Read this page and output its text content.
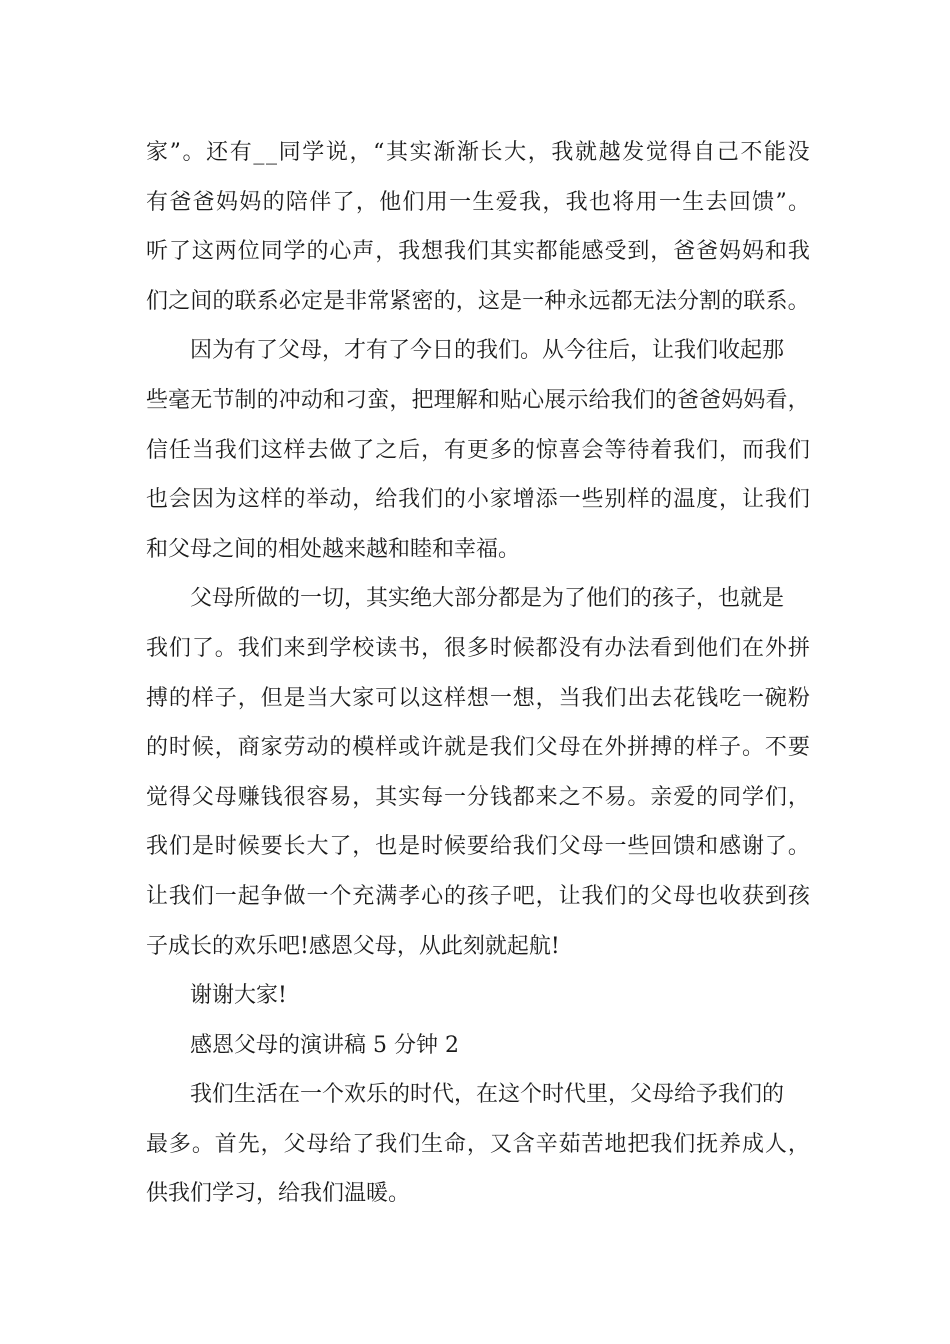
家 ” 。 还 有 _ _ 同 学 说 ， “ 其 实 渐 渐 长 大 ， 我 就 越 发 觉 得 自 己 不 能 没
有 爸 爸 妈 妈 的 陪 伴 了 ， 他 们 用 一 生 爱 我 ， 我 也 将 用 一 生 去 回 馈 ” 。
听 了 这 两 位 同 学 的 心 声 ， 我 想 我 们 其 实 都 能 感 受 到 ， 爸 爸 妈 妈 和 我
们 之 间 的 联 系 必 定 是 非 常 紧 密 的 ， 这 是 一 种 永 远 都 无 法 分 割 的 联 系 。
因为有了父母，才有了今日的我们。从今往后，让我们收起那
些 毫 无 节 制 的 冲 动 和 刁 蛮 ， 把 理 解 和 贴 心 展 示 给 我 们 的 爸 爸 妈 妈 看 ，
信 任 当 我 们 这 样 去 做 了 之 后 ， 有 更 多 的 惊 喜 会 等 待 着 我 们 ， 而 我 们
也 会 因 为 这 样 的 举 动 ， 给 我 们 的 小 家 增 添 一 些 别 样 的 温 度 ， 让 我 们
和父母之间的相处越来越和睦和幸福。
父母所做的一切，其实绝大部分都是为了他们的孩子，也就是
我 们 了 。 我 们 来 到 学 校 读 书 ， 很 多 时 候 都 没 有 办 法 看 到 他 们 在 外 拼
搏 的 样 子 ， 但 是 当 大 家 可 以 这 样 想 一 想 ， 当 我 们 出 去 花 钱 吃 一 碗 粉
的 时 候 ， 商 家 劳 动 的 模 样 或 许 就 是 我 们 父 母 在 外 拼 搏 的 样 子 。 不 要
觉 得 父 母 赚 钱 很 容 易 ， 其 实 每 一 分 钱 都 来 之 不 易 。 亲 爱 的 同 学 们 ，
我 们 是 时 候 要 长 大 了 ， 也 是 时 候 要 给 我 们 父 母 一 些 回 馈 和 感 谢 了 。
让 我 们 一 起 争 做 一 个 充 满 孝 心 的 孩 子 吧 ， 让 我 们 的 父 母 也 收 获 到 孩
子成长的欢乐吧!感恩父母，从此刻就起航!
谢谢大家!
感恩父母的演讲稿 5 分钟 2
我们生活在一个欢乐的时代，在这个时代里，父母给予我们的
最 多 。 首 先 ， 父 母 给 了 我 们 生 命 ， 又 含 辛 茹 苦 地 把 我 们 抚 养 成 人 ，
供我们学习，给我们温暖。
